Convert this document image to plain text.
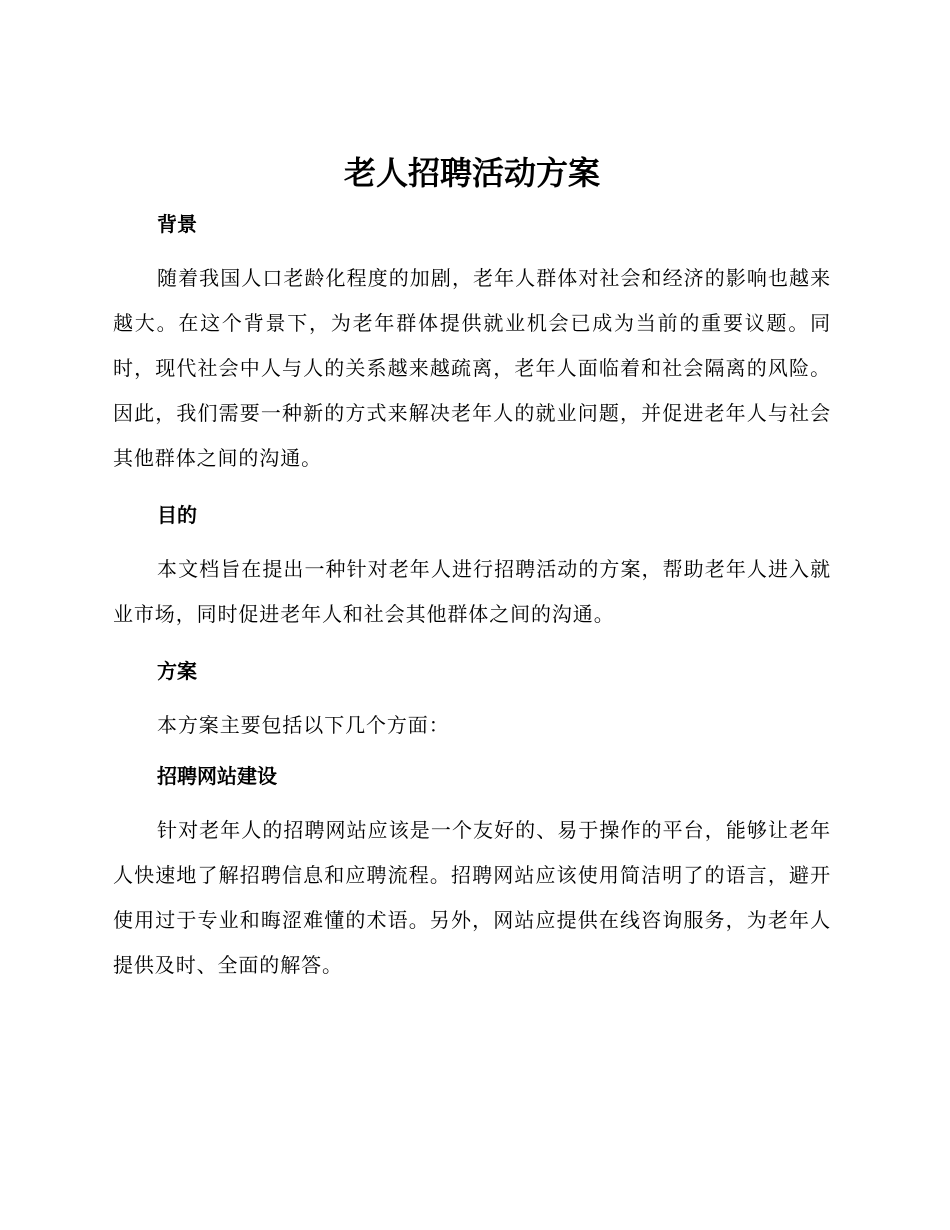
老人招聘活动方案
背景

随着我国人口老龄化程度的加剧，老年人群体对社会和经济的影响也越来越大。在这个背景下，为老年群体提供就业机会已成为当前的重要议题。同时，现代社会中人与人的关系越来越疏离，老年人面临着和社会隔离的风险。因此，我们需要一种新的方式来解决老年人的就业问题，并促进老年人与社会其他群体之间的沟通。

目的

本文档旨在提出一种针对老年人进行招聘活动的方案，帮助老年人进入就业市场，同时促进老年人和社会其他群体之间的沟通。

方案

本方案主要包括以下几个方面：

招聘网站建设

针对老年人的招聘网站应该是一个友好的、易于操作的平台，能够让老年人快速地了解招聘信息和应聘流程。招聘网站应该使用简洁明了的语言，避开使用过于专业和晦涩难懂的术语。另外，网站应提供在线咨询服务，为老年人提供及时、全面的解答。
